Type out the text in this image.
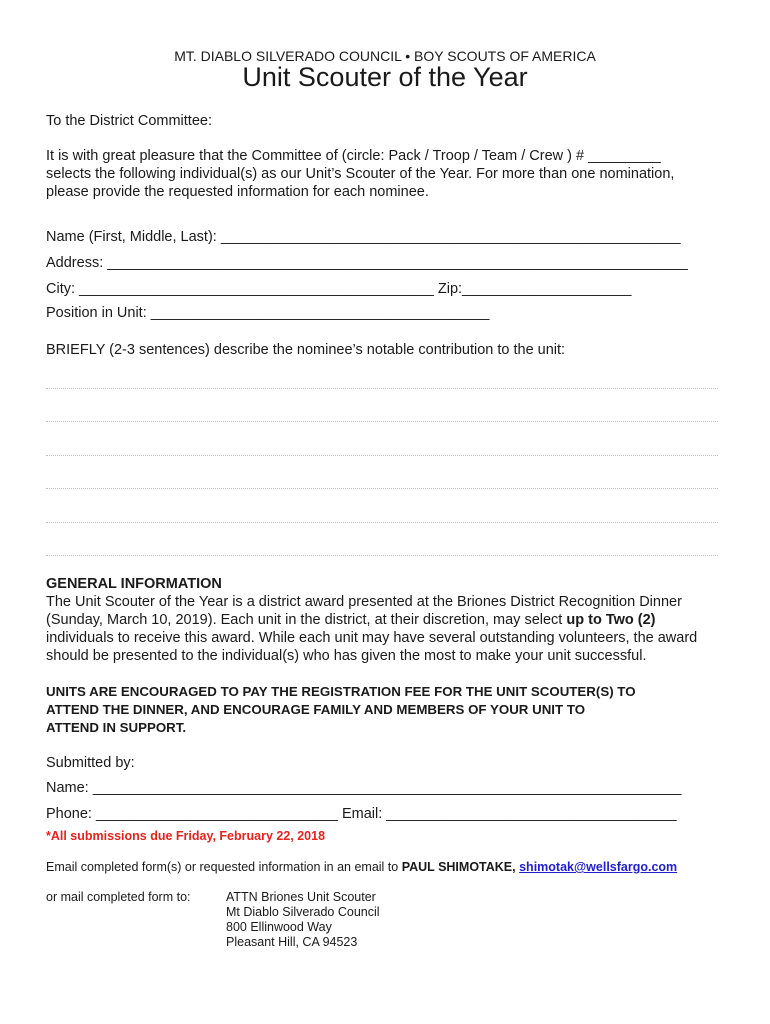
MT. DIABLO SILVERADO COUNCIL • BOY SCOUTS OF AMERICA
Unit Scouter of the Year
To the District Committee:
It is with great pleasure that the Committee of (circle: Pack / Troop / Team / Crew ) # _________
selects the following individual(s) as our Unit’s Scouter of the Year. For more than one nomination,
please provide the requested information for each nominee.
Name (First, Middle, Last): _________________________________________________________
Address: ________________________________________________________________________
City: ____________________________________________ Zip:_____________________
Position in Unit: __________________________________________
BRIEFLY (2-3 sentences) describe the nominee’s notable contribution to the unit:
GENERAL INFORMATION
The Unit Scouter of the Year is a district award presented at the Briones District Recognition Dinner
(Sunday, March 10, 2019). Each unit in the district, at their discretion, may select up to Two (2)
individuals to receive this award. While each unit may have several outstanding volunteers, the award
should be presented to the individual(s) who has given the most to make your unit successful.
UNITS ARE ENCOURAGED TO PAY THE REGISTRATION FEE FOR THE UNIT SCOUTER(S) TO
ATTEND THE DINNER, AND ENCOURAGE FAMILY AND MEMBERS OF YOUR UNIT TO
ATTEND IN SUPPORT.
Submitted by:
Name: _________________________________________________________________________
Phone: ______________________________ Email: ____________________________________
*All submissions due Friday, February 22, 2018
Email completed form(s) or requested information in an email to PAUL SHIMOTAKE, shimotak@wellsfargo.com
or mail completed form to:	ATTN Briones Unit Scouter
Mt Diablo Silverado Council
800 Ellinwood Way
Pleasant Hill, CA 94523
